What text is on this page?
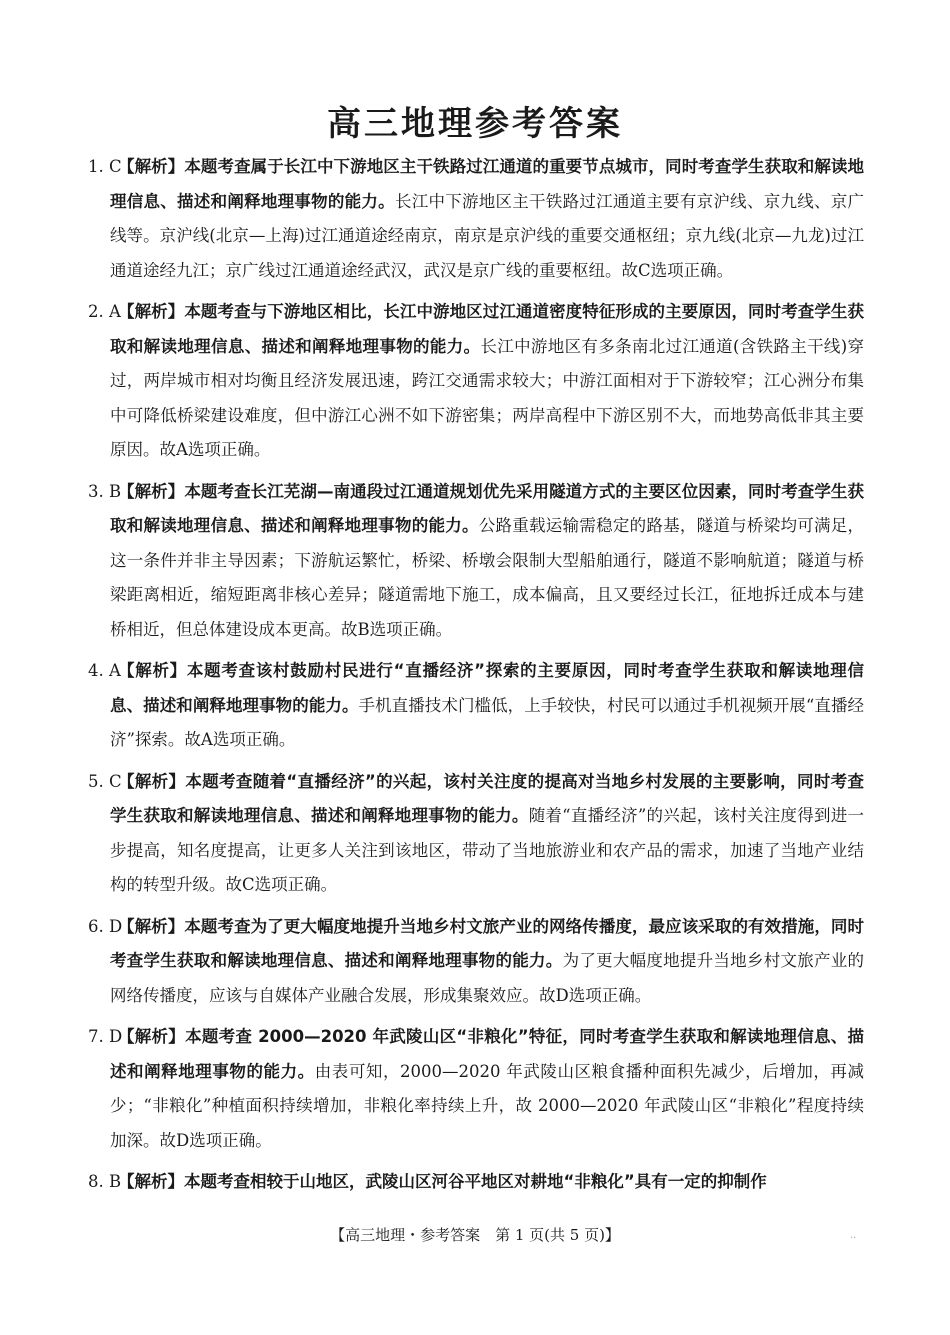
高三地理参考答案
1. C
【解析】本题考查属于长江中下游地区主干铁路过江通道的重要节点城市，同时考查学生获取和解读地理信息、描述和阐释地理事物的能力。长江中下游地区主干铁路过江通道主要有京沪线、京九线、京广线等。京沪线(北京—上海)过江通道途经南京，南京是京沪线的重要交通枢纽；京九线(北京—九龙)过江通道途经九江；京广线过江通道途经武汉，武汉是京广线的重要枢纽。故C选项正确。
2. A
【解析】本题考查与下游地区相比，长江中游地区过江通道密度特征形成的主要原因，同时考查学生获取和解读地理信息、描述和阐释地理事物的能力。长江中游地区有多条南北过江通道(含铁路主干线)穿过，两岸城市相对均衡且经济发展迅速，跨江交通需求较大；中游江面相对于下游较窄；江心洲分布集中可降低桥梁建设难度，但中游江心洲不如下游密集；两岸高程中下游区别不大，而地势高低非其主要原因。故A选项正确。
3. B
【解析】本题考查长江芜湖—南通段过江通道规划优先采用隧道方式的主要区位因素，同时考查学生获取和解读地理信息、描述和阐释地理事物的能力。公路重载运输需稳定的路基，隧道与桥梁均可满足，这一条件并非主导因素；下游航运繁忙，桥梁、桥墩会限制大型船舶通行，隧道不影响航道；隧道与桥梁距离相近，缩短距离非核心差异；隧道需地下施工，成本偏高，且又要经过长江，征地拆迁成本与建桥相近，但总体建设成本更高。故B选项正确。
4. A
【解析】本题考查该村鼓励村民进行“直播经济”探索的主要原因，同时考查学生获取和解读地理信息、描述和阐释地理事物的能力。手机直播技术门槛低，上手较快，村民可以通过手机视频开展“直播经济”探索。故A选项正确。
5. C
【解析】本题考查随着“直播经济”的兴起，该村关注度的提高对当地乡村发展的主要影响，同时考查学生获取和解读地理信息、描述和阐释地理事物的能力。随着“直播经济”的兴起，该村关注度得到进一步提高，知名度提高，让更多人关注到该地区，带动了当地旅游业和农产品的需求，加速了当地产业结构的转型升级。故C选项正确。
6. D
【解析】本题考查为了更大幅度地提升当地乡村文旅产业的网络传播度，最应该采取的有效措施，同时考查学生获取和解读地理信息、描述和阐释地理事物的能力。为了更大幅度地提升当地乡村文旅产业的网络传播度，应该与自媒体产业融合发展，形成集聚效应。故D选项正确。
7. D
【解析】本题考查 2000—2020 年武陵山区“非粮化”特征，同时考查学生获取和解读地理信息、描述和阐释地理事物的能力。由表可知，2000—2020 年武陵山区粮食播种面积先减少，后增加，再减少；“非粮化”种植面积持续增加，非粮化率持续上升，故 2000—2020 年武陵山区“非粮化”程度持续加深。故D选项正确。
8. B
【解析】本题考查相较于山地区，武陵山区河谷平地区对耕地“非粮化”具有一定的抑制作
【高三地理・参考答案　第 1 页(共 5 页)】	..
